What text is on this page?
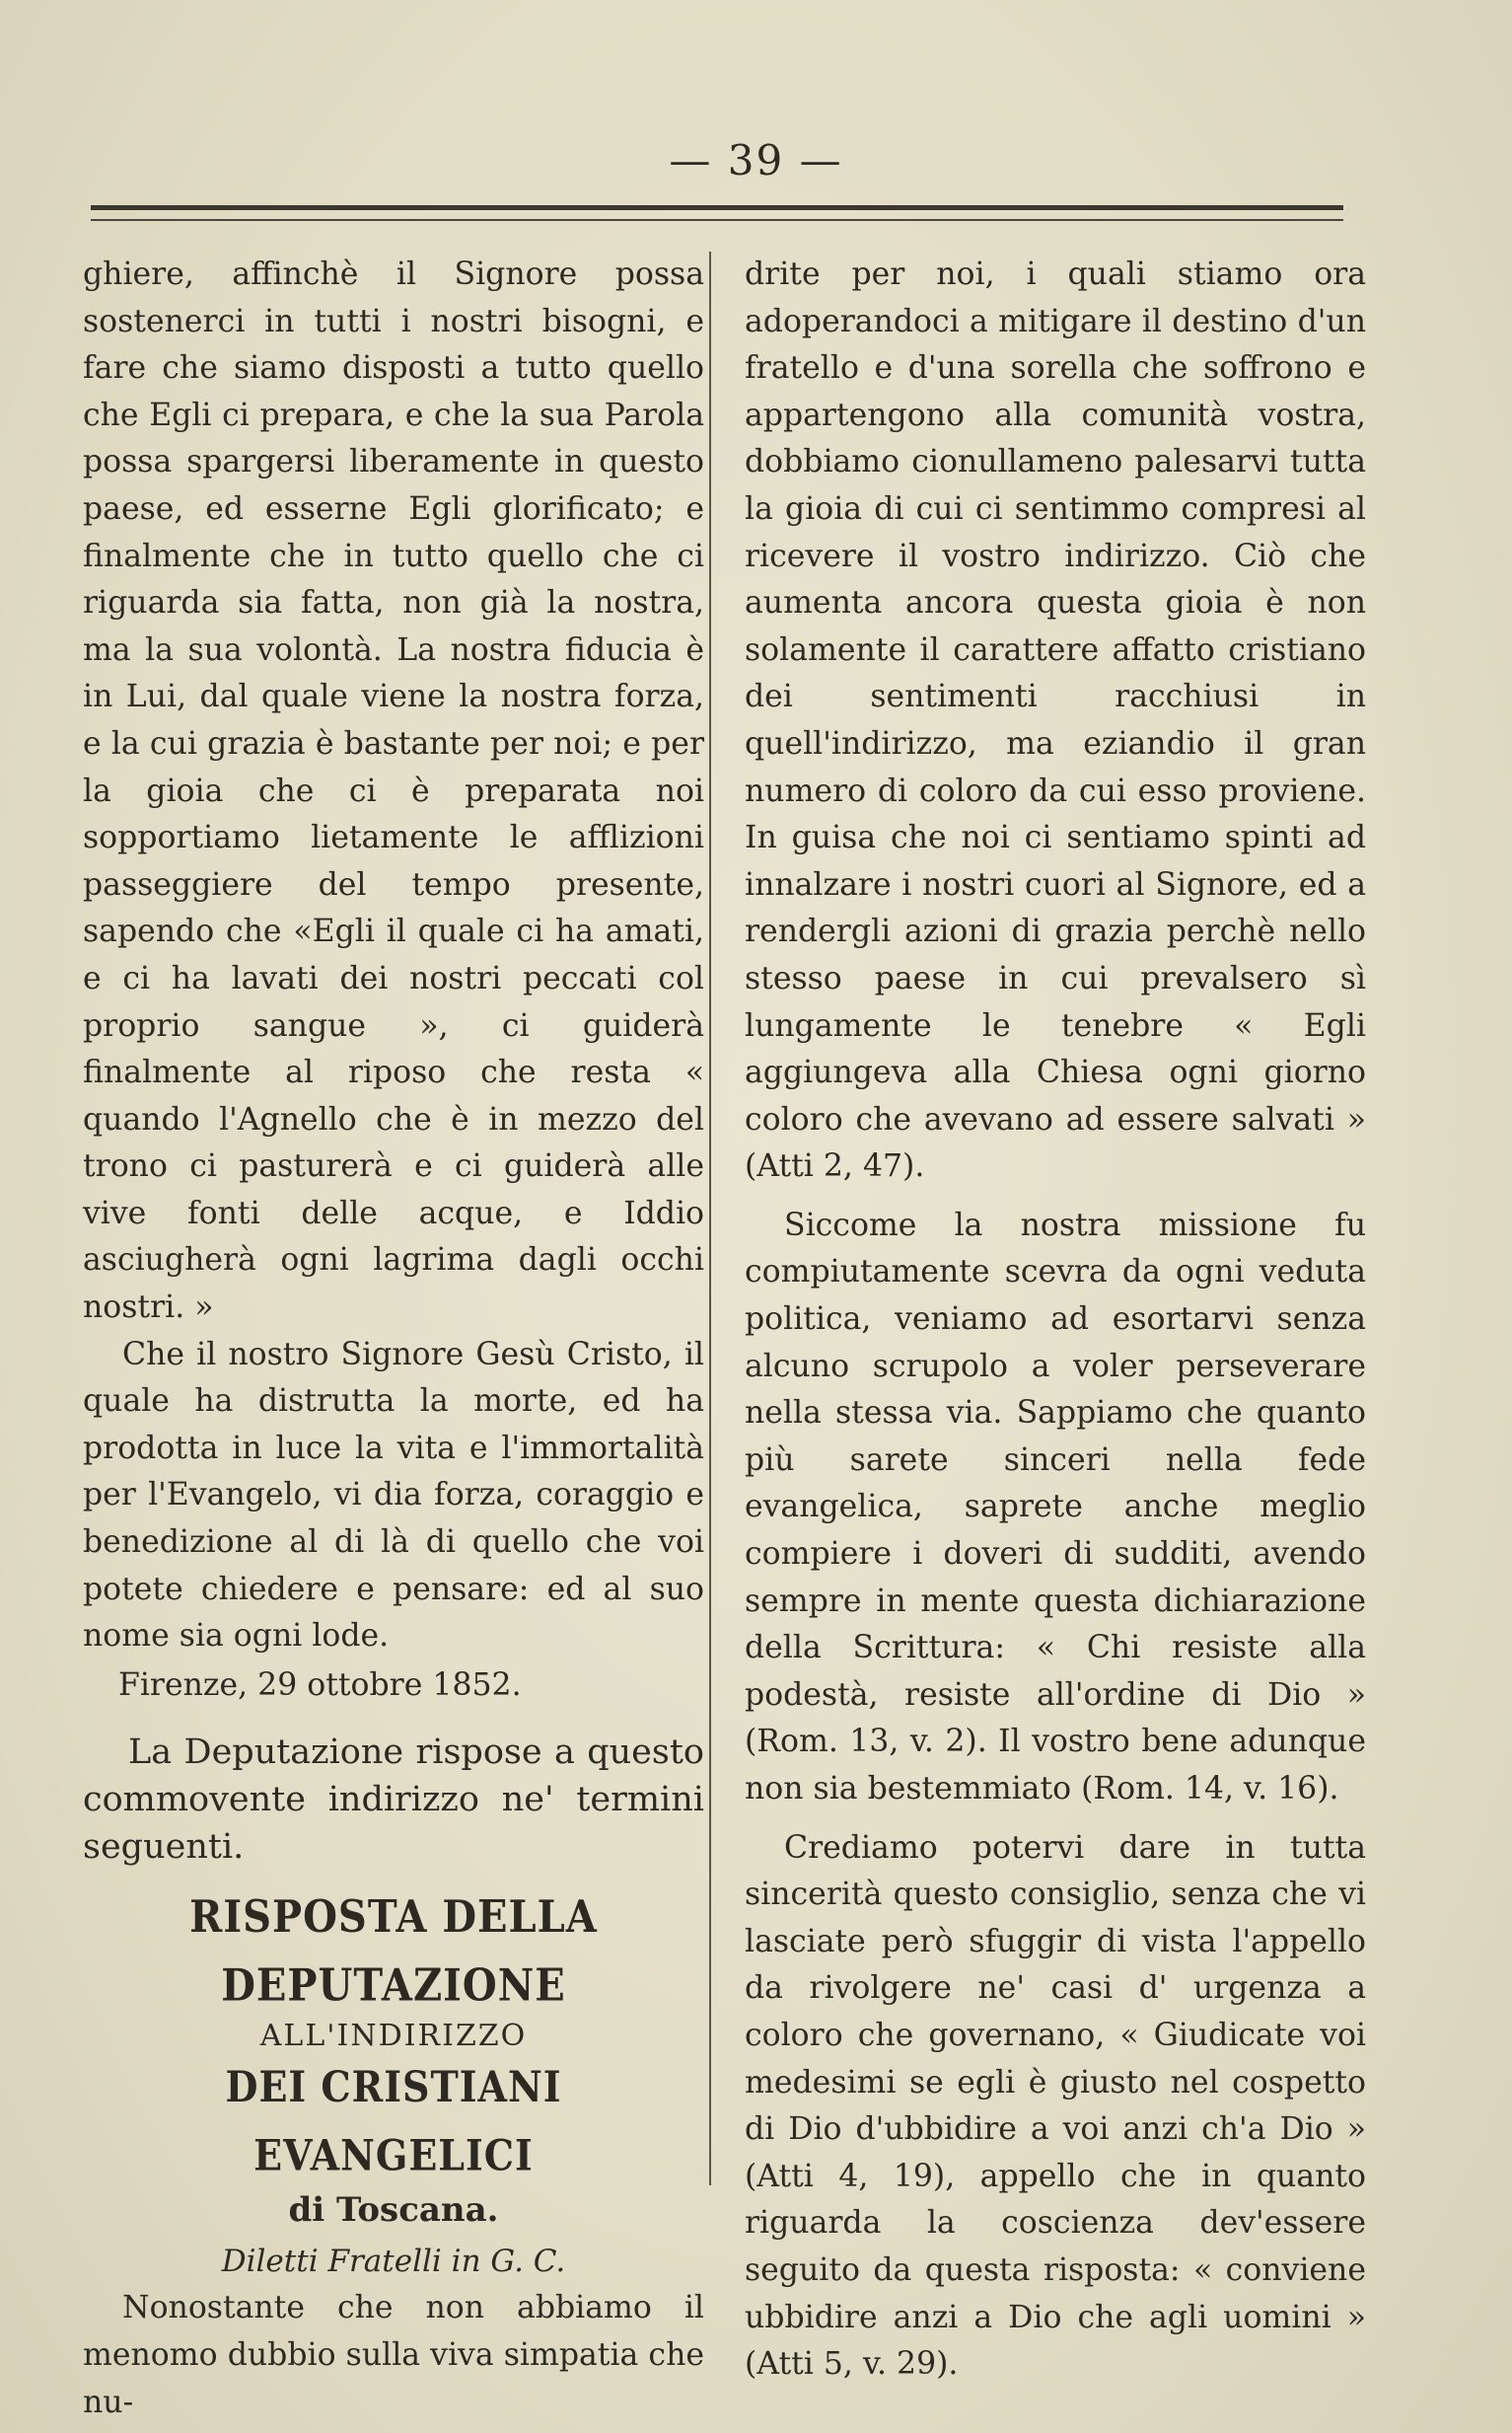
— 39 —

ghiere, affinchè il Signore possa sostenerci in tutti i nostri bisogni, e fare che siamo disposti a tutto quello che Egli ci prepara, e che la sua Parola possa spargersi liberamente in questo paese, ed esserne Egli glorificato; e finalmente che in tutto quello che ci riguarda sia fatta, non già la nostra, ma la sua volontà. La nostra fiducia è in Lui, dal quale viene la nostra forza, e la cui grazia è bastante per noi; e per la gioia che ci è preparata noi sopportiamo lietamente le afflizioni passeggiere del tempo presente, sapendo che «Egli il quale ci ha amati, e ci ha lavati dei nostri peccati col proprio sangue », ci guiderà finalmente al riposo che resta « quando l'Agnello che è in mezzo del trono ci pasturerà e ci guiderà alle vive fonti delle acque, e Iddio asciugherà ogni lagrima dagli occhi nostri. »

Che il nostro Signore Gesù Cristo, il quale ha distrutta la morte, ed ha prodotta in luce la vita e l'immortalità per l'Evangelo, vi dia forza, coraggio e benedizione al di là di quello che voi potete chiedere e pensare: ed al suo nome sia ogni lode.

Firenze, 29 ottobre 1852.

La Deputazione rispose a questo commovente indirizzo ne' termini seguenti.

RISPOSTA DELLA DEPUTAZIONE
ALL'INDIRIZZO
DEI CRISTIANI EVANGELICI
di Toscana.
Diletti Fratelli in G. C.

Nonostante che non abbiamo il menomo dubbio sulla viva simpatia che nu-

drite per noi, i quali stiamo ora adoperandoci a mitigare il destino d'un fratello e d'una sorella che soffrono e appartengono alla comunità vostra, dobbiamo cionullameno palesarvi tutta la gioia di cui ci sentimmo compresi al ricevere il vostro indirizzo. Ciò che aumenta ancora questa gioia è non solamente il carattere affatto cristiano dei sentimenti racchiusi in quell'indirizzo, ma eziandio il gran numero di coloro da cui esso proviene. In guisa che noi ci sentiamo spinti ad innalzare i nostri cuori al Signore, ed a rendergli azioni di grazia perchè nello stesso paese in cui prevalsero sì lungamente le tenebre « Egli aggiungeva alla Chiesa ogni giorno coloro che avevano ad essere salvati » (Atti 2, 47).

Siccome la nostra missione fu compiutamente scevra da ogni veduta politica, veniamo ad esortarvi senza alcuno scrupolo a voler perseverare nella stessa via. Sappiamo che quanto più sarete sinceri nella fede evangelica, saprete anche meglio compiere i doveri di sudditi, avendo sempre in mente questa dichiarazione della Scrittura: « Chi resiste alla podestà, resiste all'ordine di Dio » (Rom. 13, v. 2). Il vostro bene adunque non sia bestemmiato (Rom. 14, v. 16).

Crediamo potervi dare in tutta sincerità questo consiglio, senza che vi lasciate però sfuggir di vista l'appello da rivolgere ne' casi d' urgenza a coloro che governano, « Giudicate voi medesimi se egli è giusto nel cospetto di Dio d'ubbidire a voi anzi ch'a Dio » (Atti 4, 19), appello che in quanto riguarda la coscienza dev'essere seguito da questa risposta: « conviene ubbidire anzi a Dio che agli uomini » (Atti 5, v. 29).
